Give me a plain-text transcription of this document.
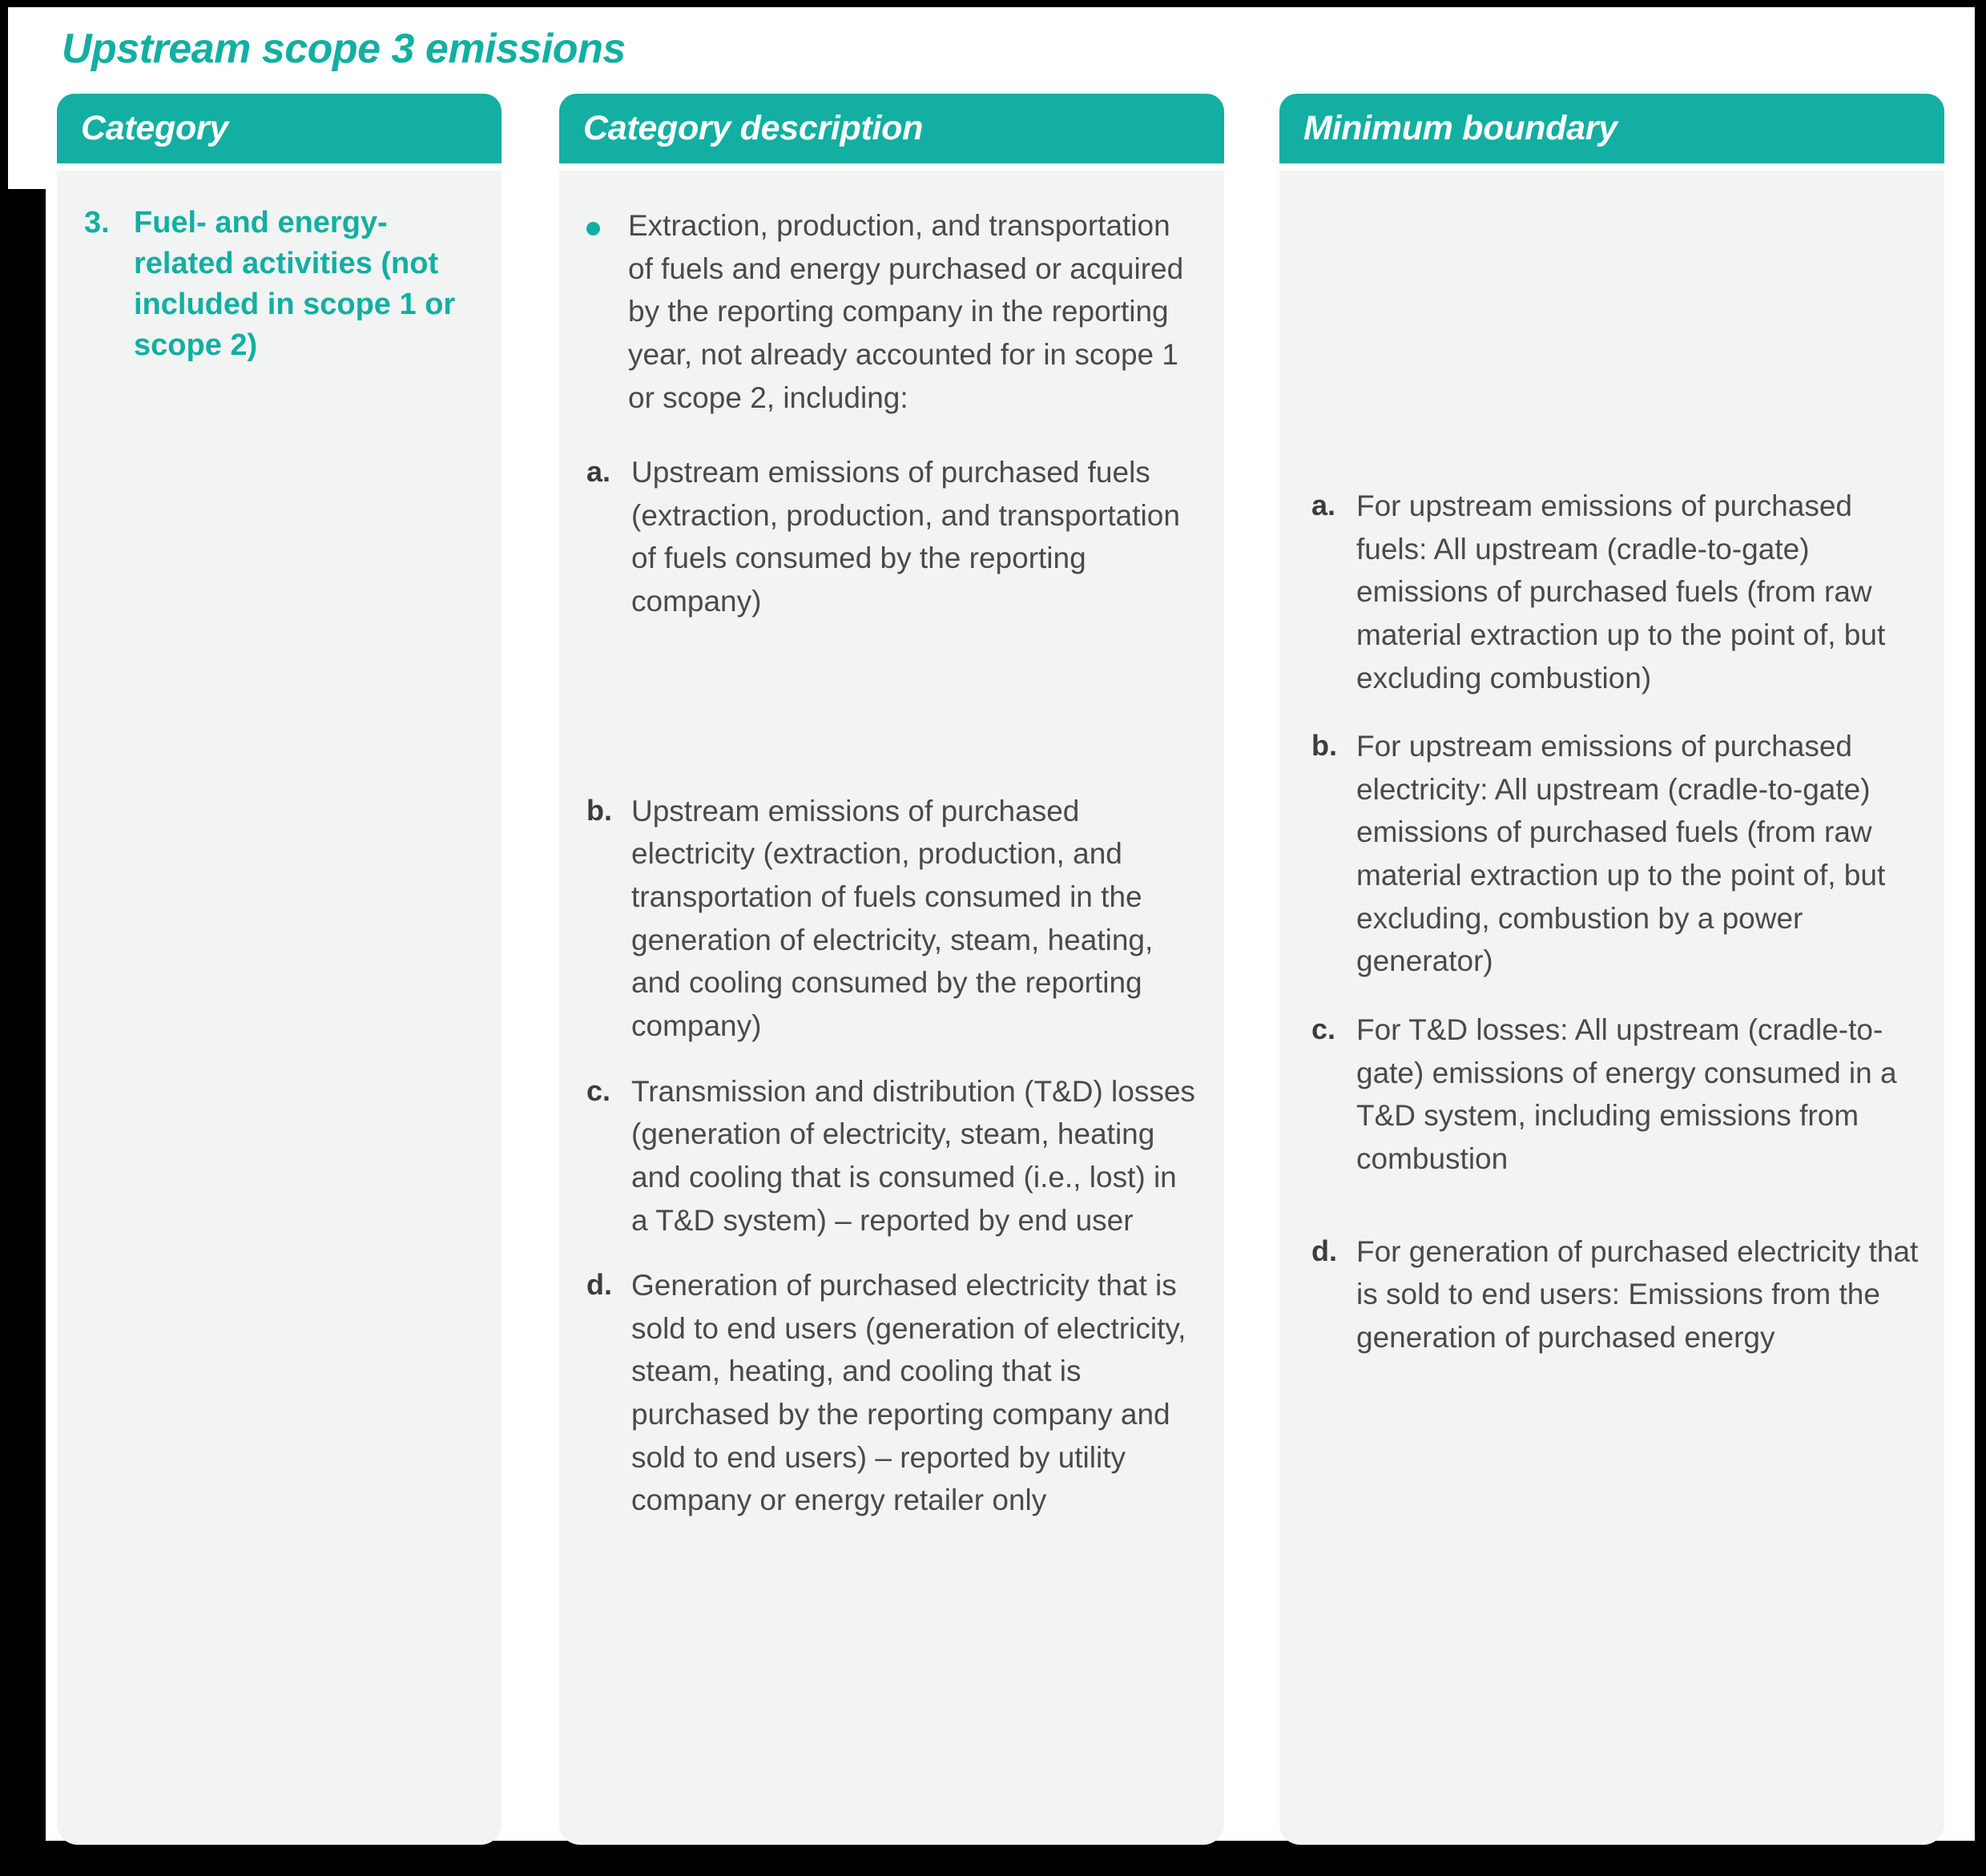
Upstream scope 3 emissions
Category
3. Fuel- and energy-related activities (not included in scope 1 or scope 2)
Category description
Extraction, production, and transportation of fuels and energy purchased or acquired by the reporting company in the reporting year, not already accounted for in scope 1 or scope 2, including:
a. Upstream emissions of purchased fuels (extraction, production, and transportation of fuels consumed by the reporting company)
b. Upstream emissions of purchased electricity (extraction, production, and transportation of fuels consumed in the generation of electricity, steam, heating, and cooling consumed by the reporting company)
c. Transmission and distribution (T&D) losses (generation of electricity, steam, heating and cooling that is consumed (i.e., lost) in a T&D system) – reported by end user
d. Generation of purchased electricity that is sold to end users (generation of electricity, steam, heating, and cooling that is purchased by the reporting company and sold to end users) – reported by utility company or energy retailer only
Minimum boundary
a. For upstream emissions of purchased fuels: All upstream (cradle-to-gate) emissions of purchased fuels (from raw material extraction up to the point of, but excluding combustion)
b. For upstream emissions of purchased electricity: All upstream (cradle-to-gate) emissions of purchased fuels (from raw material extraction up to the point of, but excluding, combustion by a power generator)
c. For T&D losses: All upstream (cradle-to-gate) emissions of energy consumed in a T&D system, including emissions from combustion
d. For generation of purchased electricity that is sold to end users: Emissions from the generation of purchased energy
